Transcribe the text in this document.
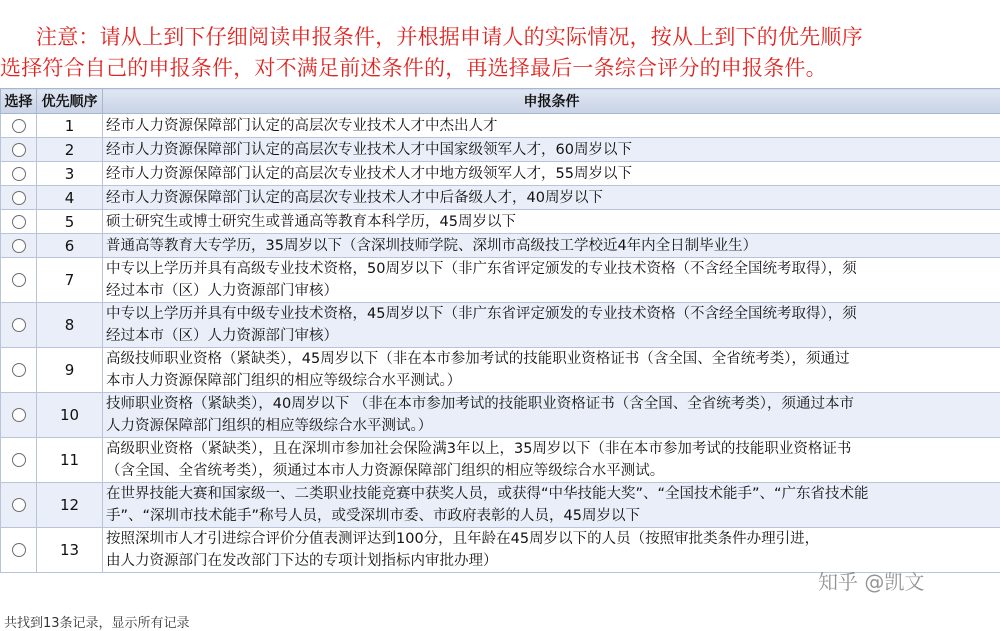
注意：请从上到下仔细阅读申报条件，并根据申请人的实际情况，按从上到下的优先顺序
选择符合自己的申报条件，对不满足前述条件的，再选择最后一条综合评分的申报条件。
选择	优先顺序	申报条件
	1	经市人力资源保障部门认定的高层次专业技术人才中杰出人才

	2	经市人力资源保障部门认定的高层次专业技术人才中国家级领军人才，60周岁以下

	3	经市人力资源保障部门认定的高层次专业技术人才中地方级领军人才，55周岁以下

	4	经市人力资源保障部门认定的高层次专业技术人才中后备级人才，40周岁以下

	5	硕士研究生或博士研究生或普通高等教育本科学历，45周岁以下

	6	普通高等教育大专学历，35周岁以下（含深圳技师学院、深圳市高级技工学校近4年内全日制毕业生）

	7	中专以上学历并具有高级专业技术资格，50周岁以下（非广东省评定颁发的专业技术资格（不含经全国统考取得），须
经过本市（区）人力资源部门审核）

	8	中专以上学历并具有中级专业技术资格，45周岁以下（非广东省评定颁发的专业技术资格（不含经全国统考取得），须
经过本市（区）人力资源部门审核）

	9	高级技师职业资格（紧缺类），45周岁以下（非在本市参加考试的技能职业资格证书（含全国、全省统考类），须通过
本市人力资源保障部门组织的相应等级综合水平测试。）

	10	技师职业资格（紧缺类），40周岁以下 （非在本市参加考试的技能职业资格证书（含全国、全省统考类），须通过本市
人力资源保障部门组织的相应等级综合水平测试。）

	11	高级职业资格（紧缺类），且在深圳市参加社会保险满3年以上，35周岁以下（非在本市参加考试的技能职业资格证书
（含全国、全省统考类），须通过本市人力资源保障部门组织的相应等级综合水平测试。

	12	在世界技能大赛和国家级一、二类职业技能竞赛中获奖人员，或获得“中华技能大奖”、“全国技术能手”、“广东省技术能
手”、“深圳市技术能手”称号人员，或受深圳市委、市政府表彰的人员，45周岁以下

	13	按照深圳市人才引进综合评价分值表测评达到100分，且年龄在45周岁以下的人员（按照审批类条件办理引进，
由人力资源部门在发改部门下达的专项计划指标内审批办理）
知乎 @凯文
共找到13条记录，显示所有记录
